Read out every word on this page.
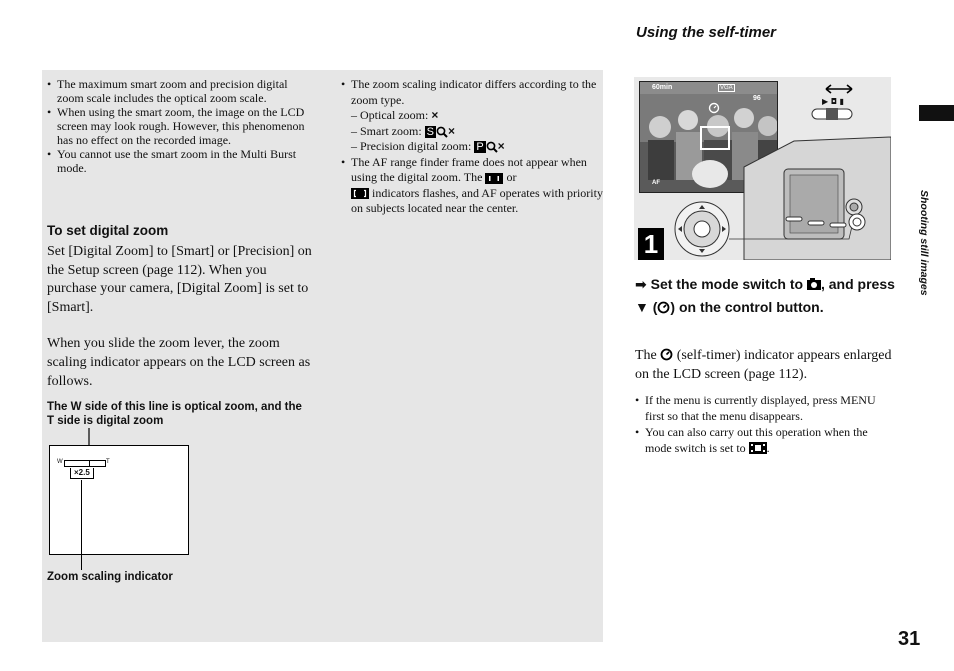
Using the self-timer
• The maximum smart zoom and precision digital zoom scale includes the optical zoom scale.
• When using the smart zoom, the image on the LCD screen may look rough. However, this phenomenon has no effect on the recorded image.
• You cannot use the smart zoom in the Multi Burst mode.
To set digital zoom
Set [Digital Zoom] to [Smart] or [Precision] on the Setup screen (page 112). When you purchase your camera, [Digital Zoom] is set to [Smart].
When you slide the zoom lever, the zoom scaling indicator appears on the LCD screen as follows.
The W side of this line is optical zoom, and the T side is digital zoom
W	T
×2.5
Zoom scaling indicator
• The zoom scaling indicator differs according to the zoom type.
– Optical zoom: ×
– Smart zoom: S ×
– Precision digital zoom: P ×
• The AF range finder frame does not appear when using the digital zoom. The or
indicators flashes, and AF operates with priority on subjects located near the center.
60min	VGA
96
AF
▶ ◘ ▮
1
➡ Set the mode switch to , and press ▼ ( ) on the control button.
The (self-timer) indicator appears enlarged on the LCD screen (page 112).
• If the menu is currently displayed, press MENU first so that the menu disappears.
• You can also carry out this operation when the mode switch is set to .
Shooting still images
31
